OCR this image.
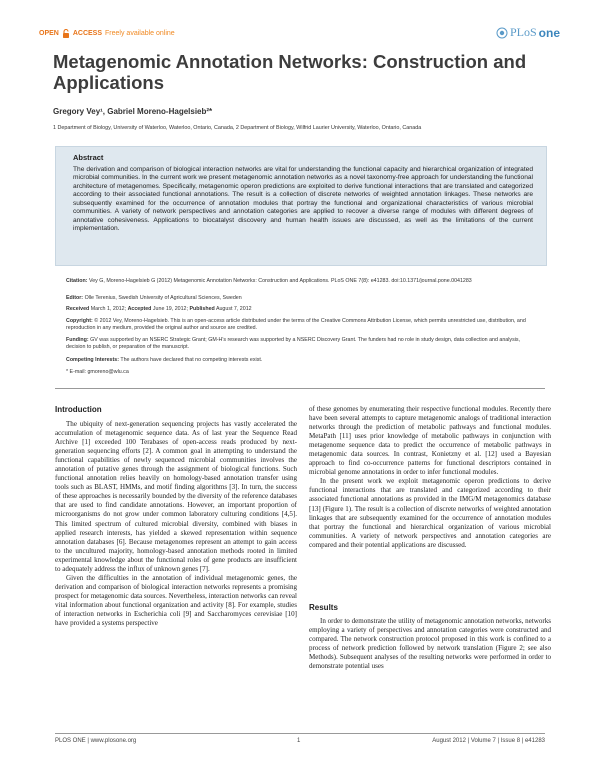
OPEN ACCESS Freely available online	PLoS one
Metagenomic Annotation Networks: Construction and Applications
Gregory Vey¹, Gabriel Moreno-Hagelsieb²*
1 Department of Biology, University of Waterloo, Waterloo, Ontario, Canada, 2 Department of Biology, Wilfrid Laurier University, Waterloo, Ontario, Canada
Abstract
The derivation and comparison of biological interaction networks are vital for understanding the functional capacity and hierarchical organization of integrated microbial communities. In the current work we present metagenomic annotation networks as a novel taxonomy-free approach for understanding the functional architecture of metagenomes. Specifically, metagenomic operon predictions are exploited to derive functional interactions that are translated and categorized according to their associated functional annotations. The result is a collection of discrete networks of weighted annotation linkages. These networks are subsequently examined for the occurrence of annotation modules that portray the functional and organizational characteristics of various microbial communities. A variety of network perspectives and annotation categories are applied to recover a diverse range of modules with different degrees of annotative cohesiveness. Applications to biocatalyst discovery and human health issues are discussed, as well as the limitations of the current implementation.
Citation: Vey G, Moreno-Hagelsieb G (2012) Metagenomic Annotation Networks: Construction and Applications. PLoS ONE 7(8): e41283. doi:10.1371/journal.pone.0041283
Editor: Olle Terenius, Swedish University of Agricultural Sciences, Sweden
Received March 1, 2012; Accepted June 19, 2012; Published August 7, 2012
Copyright: © 2012 Vey, Moreno-Hagelsieb. This is an open-access article distributed under the terms of the Creative Commons Attribution License, which permits unrestricted use, distribution, and reproduction in any medium, provided the original author and source are credited.
Funding: GV was supported by an NSERC Strategic Grant; GM-H's research was supported by a NSERC Discovery Grant. The funders had no role in study design, data collection and analysis, decision to publish, or preparation of the manuscript.
Competing Interests: The authors have declared that no competing interests exist.
* E-mail: gmoreno@wlu.ca
Introduction

The ubiquity of next-generation sequencing projects has vastly accelerated the accumulation of metagenomic sequence data. As of last year the Sequence Read Archive [1] exceeded 100 Terabases of open-access reads produced by next-generation sequencing efforts [2]. A common goal in attempting to understand the functional capabilities of newly sequenced microbial communities involves the annotation of putative genes through the assignment of biological functions. Such functional annotation relies heavily on homology-based annotation transfer using tools such as BLAST, HMMs, and motif finding algorithms [3]. In turn, the success of these approaches is necessarily bounded by the diversity of the reference databases that are used to find candidate annotations. However, an important proportion of microorganisms do not grow under common laboratory culturing conditions [4,5]. This limited spectrum of cultured microbial diversity, combined with biases in applied research interests, has yielded a skewed representation within sequence annotation databases [6]. Because metagenomes represent an attempt to gain access to the uncultured majority, homology-based annotation methods rooted in limited experimental knowledge about the functional roles of gene products are insufficient to adequately address the influx of unknown genes [7].

Given the difficulties in the annotation of individual metagenomic genes, the derivation and comparison of biological interaction networks represents a promising prospect for metagenomic data sources. Nevertheless, interaction networks can reveal vital information about functional organization and activity [8]. For example, studies of interaction networks in Escherichia coli [9] and Saccharomyces cerevisiae [10] have provided a systems perspective

of these genomes by enumerating their respective functional modules. Recently there have been several attempts to capture metagenomic analogs of traditional interaction networks through the prediction of metabolic pathways and functional modules. MetaPath [11] uses prior knowledge of metabolic pathways in conjunction with metagenome sequence data to predict the occurrence of metabolic pathways in metagenomic data sources. In contrast, Konietzny et al. [12] used a Bayesian approach to find co-occurrence patterns for functional descriptors contained in microbial genome annotations in order to infer functional modules.

In the present work we exploit metagenomic operon predictions to derive functional interactions that are translated and categorized according to their associated functional annotations as provided in the IMG/M metagenomics database [13] (Figure 1). The result is a collection of discrete networks of weighted annotation linkages that are subsequently examined for the occurrence of annotation modules that portray the functional and hierarchical organization of various microbial communities. A variety of network perspectives and annotation categories are compared and their potential applications are discussed.

Results

In order to demonstrate the utility of metagenomic annotation networks, networks employing a variety of perspectives and annotation categories were constructed and compared. The network construction protocol proposed in this work is confined to a process of network prediction followed by network translation (Figure 2; see also Methods). Subsequent analyses of the resulting networks were performed in order to demonstrate potential uses

PLOS ONE | www.plosone.org	1	August 2012 | Volume 7 | Issue 8 | e41283
